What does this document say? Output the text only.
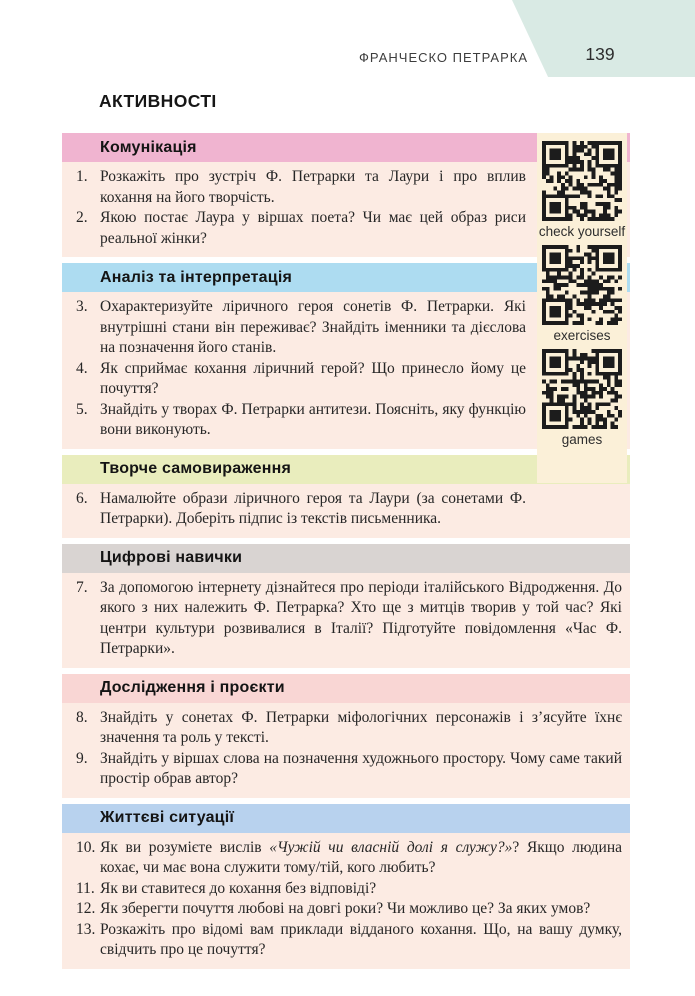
ФРАНЧЕСКО ПЕТРАРКА	139
АКТИВНОСТІ
Комунікація
1. Розкажіть про зустріч Ф. Петрарки та Лаури і про вплив кохання на його творчість.
2. Якою постає Лаура у віршах поета? Чи має цей образ риси реальної жінки?
Аналіз та інтерпретація
3. Охарактеризуйте ліричного героя сонетів Ф. Петрарки. Які внутрішні стани він переживає? Знайдіть іменники та дієслова на позначення його станів.
4. Як сприймає кохання ліричний герой? Що принесло йому це почуття?
5. Знайдіть у творах Ф. Петрарки антитези. Поясніть, яку функцію вони виконують.
Творче самовираження
6. Намалюйте образи ліричного героя та Лаури (за сонетами Ф. Петрарки). Доберіть підпис із текстів письменника.
Цифрові навички
7. За допомогою інтернету дізнайтеся про періоди італійського Відродження. До якого з них належить Ф. Петрарка? Хто ще з митців творив у той час? Які центри культури розвивалися в Італії? Підготуйте повідомлення «Час Ф. Петрарки».
Дослідження і проєкти
8. Знайдіть у сонетах Ф. Петрарки міфологічних персонажів і з’ясуйте їхнє значення та роль у тексті.
9. Знайдіть у віршах слова на позначення художнього простору. Чому саме такий простір обрав автор?
Життєві ситуації
10. Як ви розумієте вислів «Чужій чи власній долі я служу?»? Якщо людина кохає, чи має вона служити тому/тій, кого любить?
11. Як ви ставитеся до кохання без відповіді?
12. Як зберегти почуття любові на довгі роки? Чи можливо це? За яких умов?
13. Розкажіть про відомі вам приклади відданого кохання. Що, на вашу думку, свідчить про це почуття?
check yourself
exercises
games
